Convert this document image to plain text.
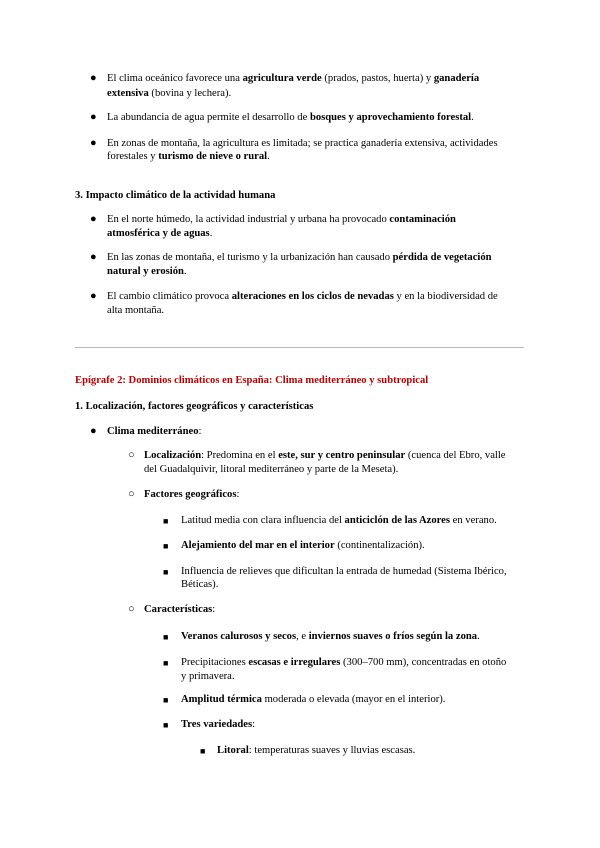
● El clima oceánico favorece una agricultura verde (prados, pastos, huerta) y ganadería
extensiva (bovina y lechera).
● La abundancia de agua permite el desarrollo de bosques y aprovechamiento forestal.
● En zonas de montaña, la agricultura es limitada; se practica ganadería extensiva, actividades
forestales y turismo de nieve o rural.
3. Impacto climático de la actividad humana
● En el norte húmedo, la actividad industrial y urbana ha provocado contaminación
atmosférica y de aguas.
● En las zonas de montaña, el turismo y la urbanización han causado pérdida de vegetación
natural y erosión.
● El cambio climático provoca alteraciones en los ciclos de nevadas y en la biodiversidad de
alta montaña.
Epígrafe 2: Dominios climáticos en España: Clima mediterráneo y subtropical
1. Localización, factores geográficos y características
● Clima mediterráneo:
○ Localización: Predomina en el este, sur y centro peninsular (cuenca del Ebro, valle
del Guadalquivir, litoral mediterráneo y parte de la Meseta).
○ Factores geográficos:
■ Latitud media con clara influencia del anticiclón de las Azores en verano.
■ Alejamiento del mar en el interior (continentalización).
■ Influencia de relieves que dificultan la entrada de humedad (Sistema Ibérico,
Béticas).
○ Características:
■ Veranos calurosos y secos, e inviernos suaves o fríos según la zona.
■ Precipitaciones escasas e irregulares (300–700 mm), concentradas en otoño
y primavera.
■ Amplitud térmica moderada o elevada (mayor en el interior).
■ Tres variedades:
■ Litoral: temperaturas suaves y lluvias escasas.
